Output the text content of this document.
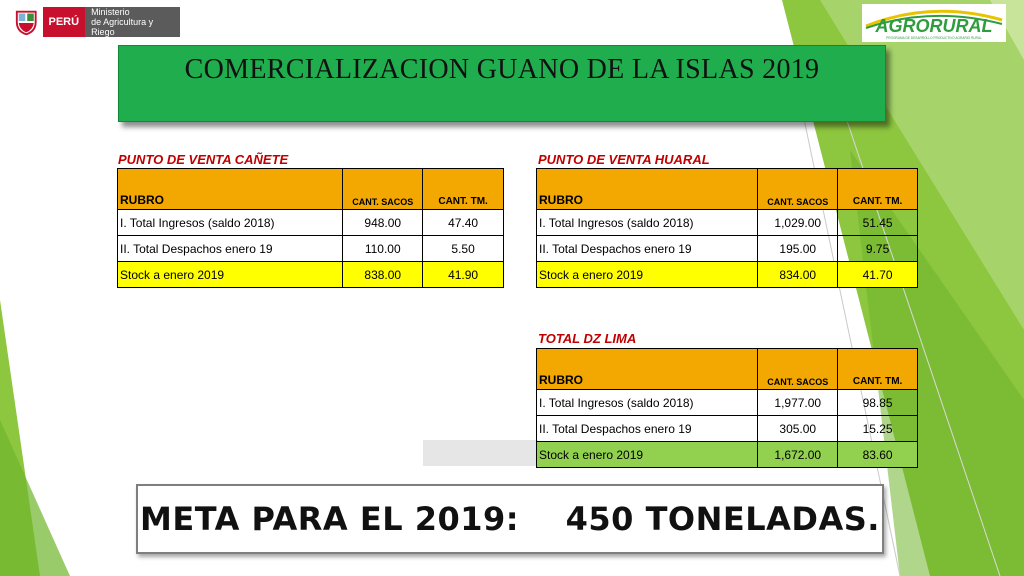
PERÚ
Ministerio
de Agricultura y Riego	AGRORURAL
PROGRAMA DE DESARROLLO PRODUCTIVO AGRARIO RURAL
COMERCIALIZACION GUANO DE LA ISLAS 2019
PUNTO DE VENTA CAÑETE
RUBRO	CANT. SACOS	CANT. TM.
I. Total Ingresos (saldo 2018)	948.00	47.40
II. Total Despachos enero 19	110.00	5.50
Stock a enero 2019	838.00	41.90
PUNTO DE VENTA HUARAL
RUBRO	CANT. SACOS	CANT. TM.
I. Total Ingresos (saldo 2018)	1,029.00	51.45
II. Total Despachos enero 19	195.00	9.75
Stock a enero 2019	834.00	41.70
TOTAL DZ LIMA
RUBRO	CANT. SACOS	CANT. TM.
I. Total Ingresos (saldo 2018)	1,977.00	98.85
II. Total Despachos enero 19	305.00	15.25
Stock a enero 2019	1,672.00	83.60
META PARA EL 2019:    450 TONELADAS.
